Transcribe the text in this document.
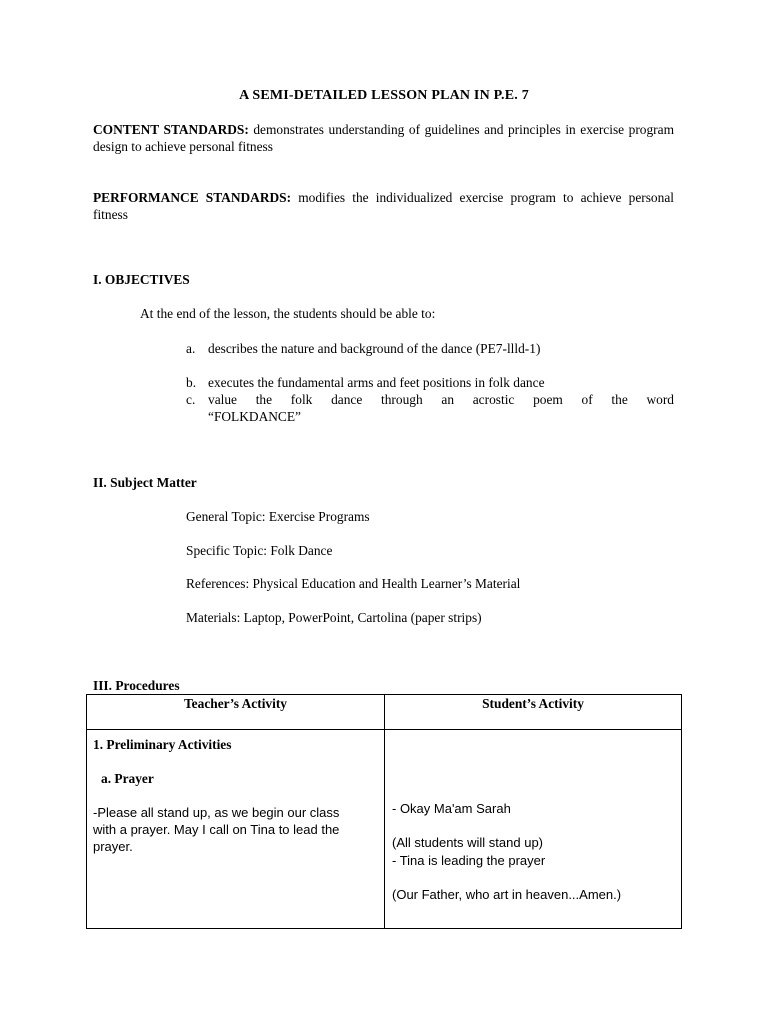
A SEMI-DETAILED LESSON PLAN IN P.E. 7
CONTENT STANDARDS: demonstrates understanding of guidelines and principles in exercise program design to achieve personal fitness
PERFORMANCE STANDARDS: modifies the individualized exercise program to achieve personal fitness
I. OBJECTIVES
At the end of the lesson, the students should be able to:
a. describes the nature and background of the dance (PE7-llld-1)
b. executes the fundamental arms and feet positions in folk dance
c. value the folk dance through an acrostic poem of the word
“FOLKDANCE”
II. Subject Matter
General Topic: Exercise Programs
Specific Topic: Folk Dance
References: Physical Education and Health Learner’s Material
Materials: Laptop, PowerPoint, Cartolina (paper strips)
III. Procedures
Teacher’s Activity	Student’s Activity

1. Preliminary Activities
a. Prayer
-Please all stand up, as we begin our class
with a prayer. May I call on Tina to lead the
prayer.	- Okay Ma'am Sarah
(All students will stand up)
- Tina is leading the prayer
(Our Father, who art in heaven...Amen.)
